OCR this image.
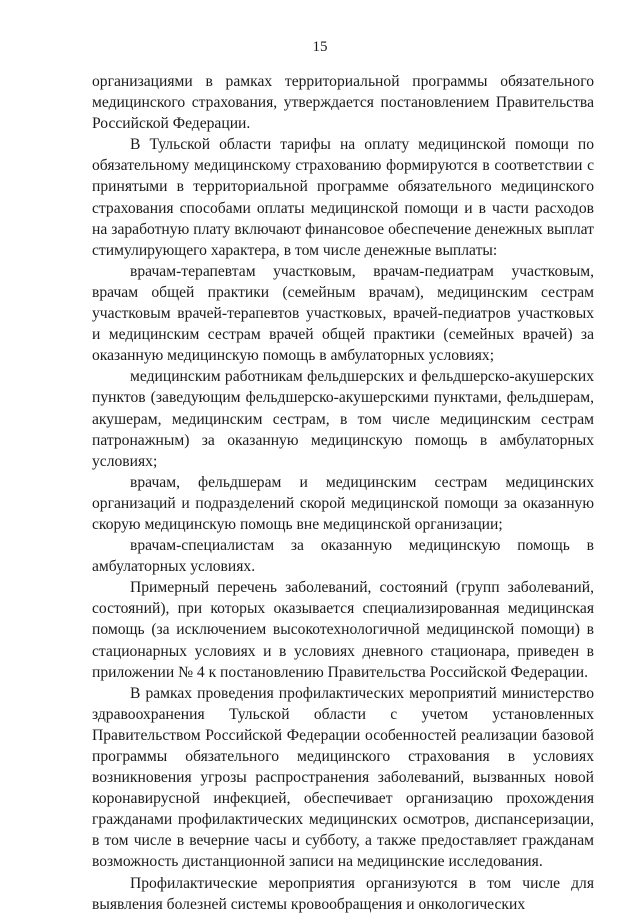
15

организациями в рамках территориальной программы обязательного медицинского страхования, утверждается постановлением Правительства Российской Федерации.

В Тульской области тарифы на оплату медицинской помощи по обязательному медицинскому страхованию формируются в соответствии с принятыми в территориальной программе обязательного медицинского страхования способами оплаты медицинской помощи и в части расходов на заработную плату включают финансовое обеспечение денежных выплат стимулирующего характера, в том числе денежные выплаты:

врачам-терапевтам участковым, врачам-педиатрам участковым, врачам общей практики (семейным врачам), медицинским сестрам участковым врачей-терапевтов участковых, врачей-педиатров участковых и медицинским сестрам врачей общей практики (семейных врачей) за оказанную медицинскую помощь в амбулаторных условиях;

медицинским работникам фельдшерских и фельдшерско-акушерских пунктов (заведующим фельдшерско-акушерскими пунктами, фельдшерам, акушерам, медицинским сестрам, в том числе медицинским сестрам патронажным) за оказанную медицинскую помощь в амбулаторных условиях;

врачам, фельдшерам и медицинским сестрам медицинских организаций и подразделений скорой медицинской помощи за оказанную скорую медицинскую помощь вне медицинской организации;

врачам-специалистам за оказанную медицинскую помощь в амбулаторных условиях.

Примерный перечень заболеваний, состояний (групп заболеваний, состояний), при которых оказывается специализированная медицинская помощь (за исключением высокотехнологичной медицинской помощи) в стационарных условиях и в условиях дневного стационара, приведен в приложении № 4 к постановлению Правительства Российской Федерации.

В рамках проведения профилактических мероприятий министерство здравоохранения Тульской области с учетом установленных Правительством Российской Федерации особенностей реализации базовой программы обязательного медицинского страхования в условиях возникновения угрозы распространения заболеваний, вызванных новой коронавирусной инфекцией, обеспечивает организацию прохождения гражданами профилактических медицинских осмотров, диспансеризации, в том числе в вечерние часы и субботу, а также предоставляет гражданам возможность дистанционной записи на медицинские исследования.

Профилактические мероприятия организуются в том числе для выявления болезней системы кровообращения и онкологических
